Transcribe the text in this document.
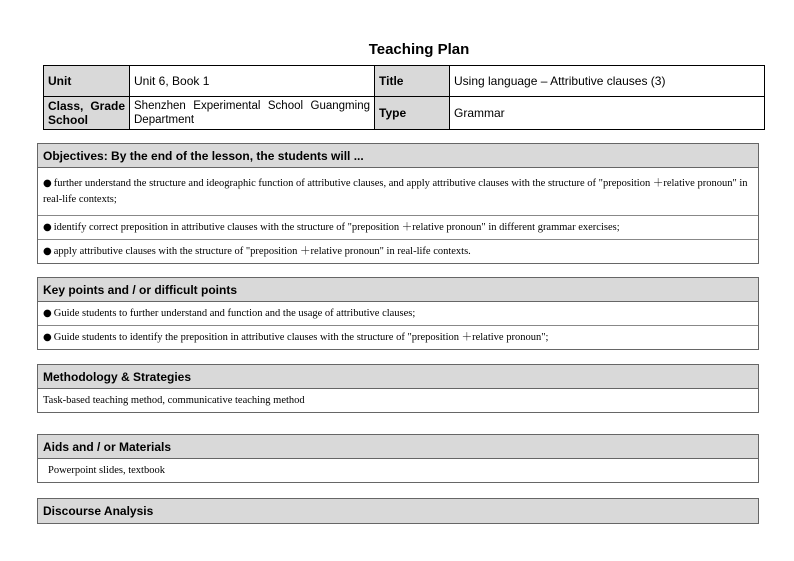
Teaching Plan
Unit	Unit 6, Book 1	Title	Using language – Attributive clauses (3)
Class, Grade School	Shenzhen Experimental School Guangming Department	Type	Grammar
Objectives: By the end of the lesson, the students will ...
● further understand the structure and ideographic function of attributive clauses, and apply attributive clauses with the structure of "preposition ＋relative pronoun" in real-life contexts;
● identify correct preposition in attributive clauses with the structure of "preposition ＋relative pronoun" in different grammar exercises;
● apply attributive clauses with the structure of "preposition ＋relative pronoun" in real-life contexts.
Key points and / or difficult points
● Guide students to further understand and function and the usage of attributive clauses;
● Guide students to identify the preposition in attributive clauses with the structure of "preposition ＋relative pronoun";
Methodology & Strategies
Task-based teaching method, communicative teaching method
Aids and / or Materials
Powerpoint slides, textbook
Discourse Analysis
